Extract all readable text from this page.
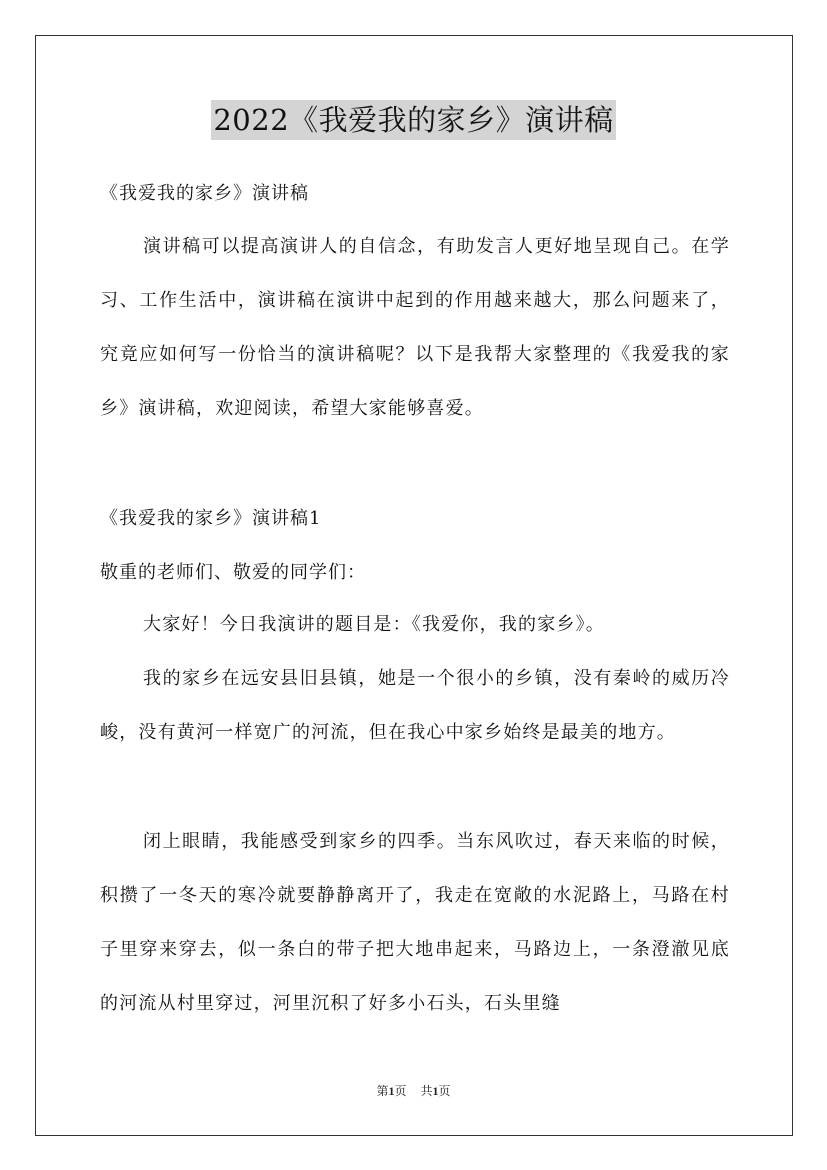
2022《我爱我的家乡》演讲稿
《我爱我的家乡》演讲稿

演讲稿可以提高演讲人的自信念，有助发言人更好地呈现自己。在学习、工作生活中，演讲稿在演讲中起到的作用越来越大，那么问题来了，究竟应如何写一份恰当的演讲稿呢？以下是我帮大家整理的《我爱我的家乡》演讲稿，欢迎阅读，希望大家能够喜爱。

《我爱我的家乡》演讲稿1
敬重的老师们、敬爱的同学们：

大家好！今日我演讲的题目是：《我爱你，我的家乡》。

我的家乡在远安县旧县镇，她是一个很小的乡镇，没有秦岭的威历冷峻，没有黄河一样宽广的河流，但在我心中家乡始终是最美的地方。

闭上眼睛，我能感受到家乡的四季。当东风吹过，春天来临的时候，积攒了一冬天的寒冷就要静静离开了，我走在宽敞的水泥路上，马路在村子里穿来穿去，似一条白的带子把大地串起来，马路边上，一条澄澈见底的河流从村里穿过，河里沉积了好多小石头，石头里缝

第1页 共1页
